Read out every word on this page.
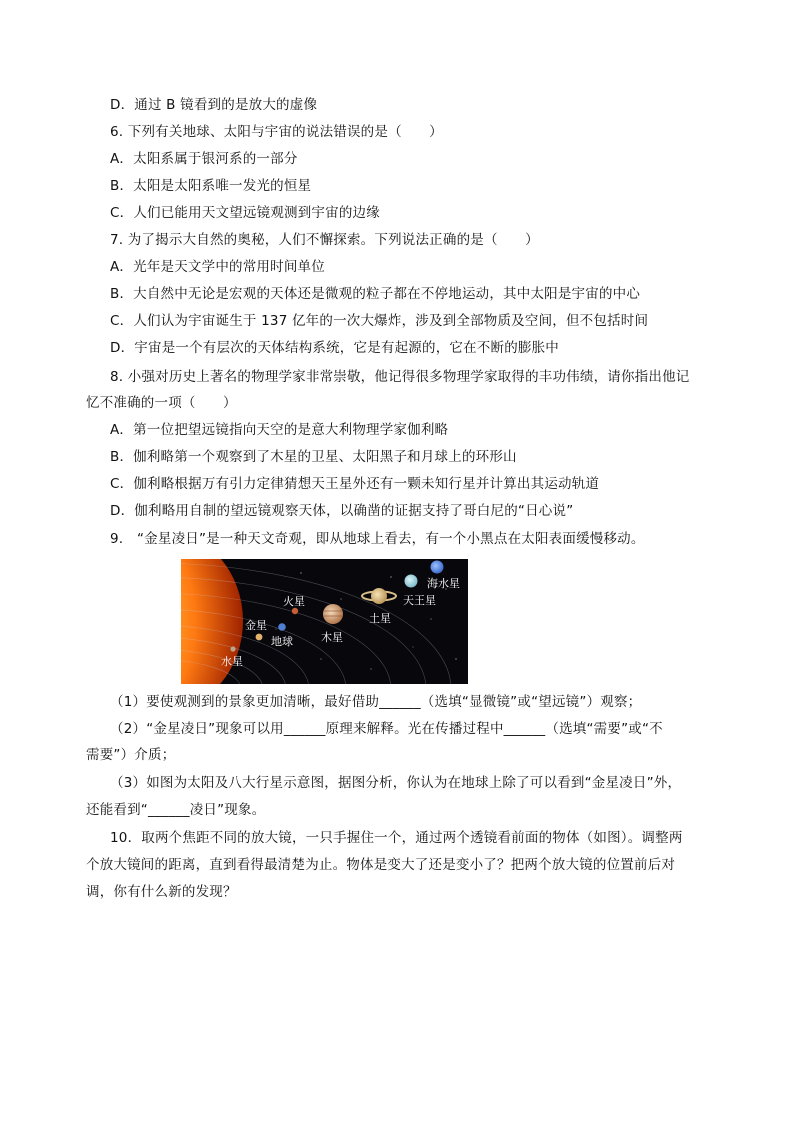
D．通过 B 镜看到的是放大的虚像
6. 下列有关地球、太阳与宇宙的说法错误的是（　　）
A．太阳系属于银河系的一部分
B．太阳是太阳系唯一发光的恒星
C．人们已能用天文望远镜观测到宇宙的边缘
7. 为了揭示大自然的奥秘，人们不懈探索。下列说法正确的是（　　）
A．光年是天文学中的常用时间单位
B．大自然中无论是宏观的天体还是微观的粒子都在不停地运动，其中太阳是宇宙的中心
C．人们认为宇宙诞生于 137 亿年的一次大爆炸，涉及到全部物质及空间，但不包括时间
D．宇宙是一个有层次的天体结构系统，它是有起源的，它在不断的膨胀中
8. 小强对历史上著名的物理学家非常崇敬，他记得很多物理学家取得的丰功伟绩，请你指出他记
忆不准确的一项（　　）
A．第一位把望远镜指向天空的是意大利物理学家伽利略
B．伽利略第一个观察到了木星的卫星、太阳黑子和月球上的环形山
C．伽利略根据万有引力定律猜想天王星外还有一颗未知行星并计算出其运动轨道
D．伽利略用自制的望远镜观察天体，以确凿的证据支持了哥白尼的“日心说”
9.　“金星凌日”是一种天文奇观，即从地球上看去，有一个小黑点在太阳表面缓慢移动。
水星
金星
地球
火星
木星
土星
天王星
海水星
（1）要使观测到的景象更加清晰，最好借助______（选填“显微镜”或“望远镜”）观察；
（2）“金星凌日”现象可以用______原理来解释。光在传播过程中______（选填“需要”或“不
需要”）介质；
（3）如图为太阳及八大行星示意图，据图分析，你认为在地球上除了可以看到“金星凌日”外，
还能看到“______凌日”现象。
10．取两个焦距不同的放大镜，一只手握住一个，通过两个透镜看前面的物体（如图）。调整两
个放大镜间的距离，直到看得最清楚为止。物体是变大了还是变小了？把两个放大镜的位置前后对
调，你有什么新的发现？
